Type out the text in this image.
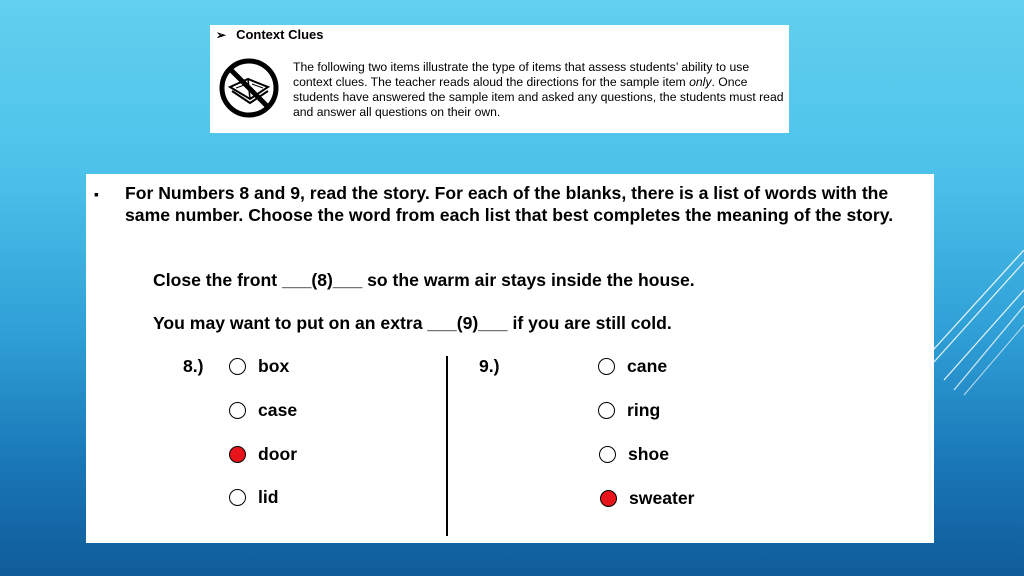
➢ Context Clues
The following two items illustrate the type of items that assess students’ ability to use context clues. The teacher reads aloud the directions for the sample item only. Once students have answered the sample item and asked any questions, the students must read and answer all questions on their own.
▪ For Numbers 8 and 9, read the story. For each of the blanks, there is a list of words with the same number. Choose the word from each list that best completes the meaning of the story.
Close the front ___(8)___ so the warm air stays inside the house.
You may want to put on an extra ___(9)___ if you are still cold.
8.)	9.)
box
case
door
lid
cane
ring
shoe
sweater
